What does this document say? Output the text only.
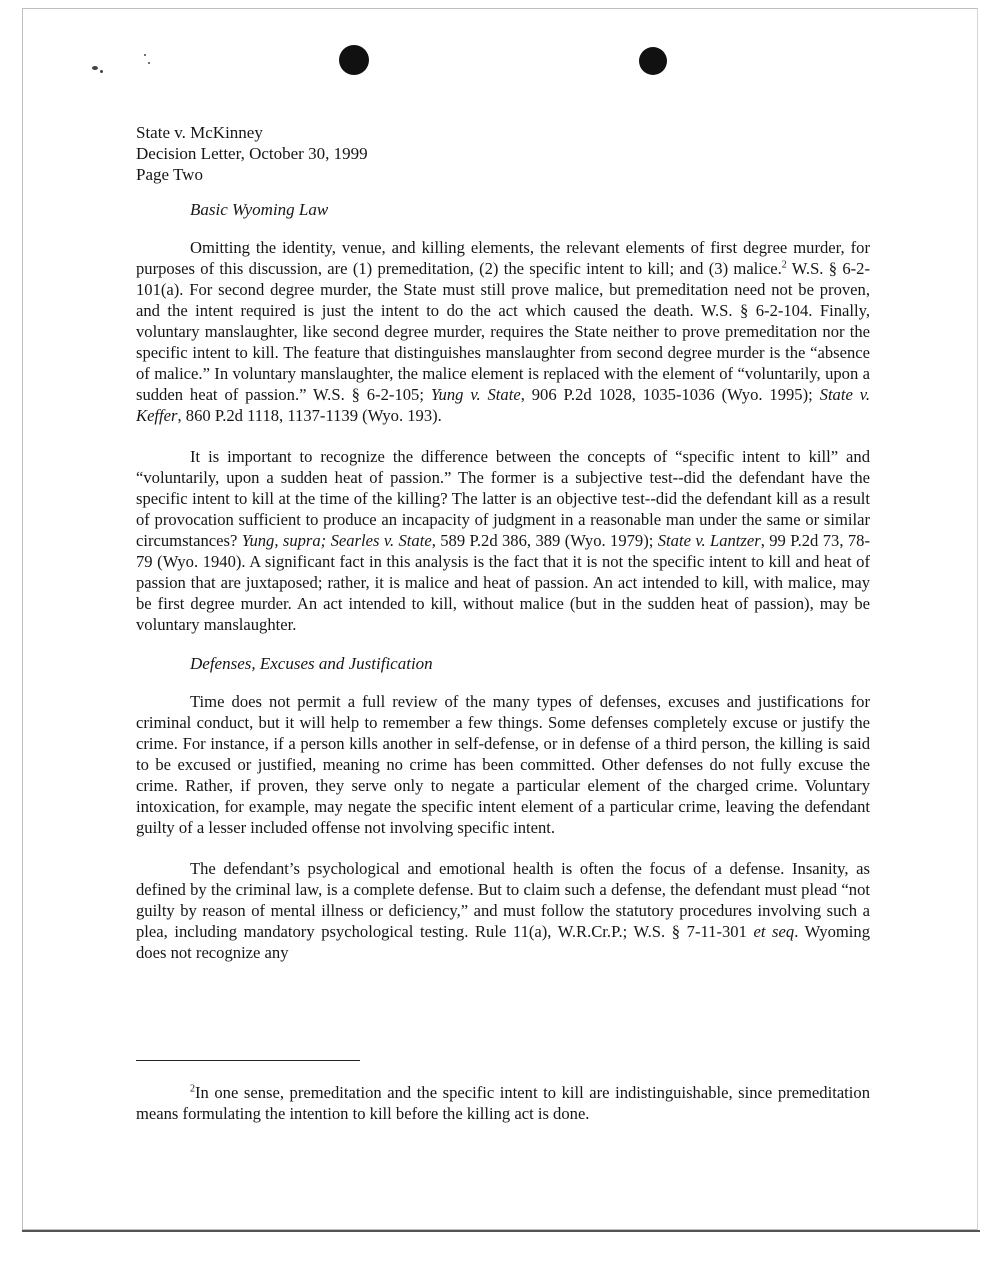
State v. McKinney
Decision Letter, October 30, 1999
Page Two

Basic Wyoming Law

Omitting the identity, venue, and killing elements, the relevant elements of first degree murder, for purposes of this discussion, are (1) premeditation, (2) the specific intent to kill; and (3) malice.$^2$ W.S. § 6-2-101(a). For second degree murder, the State must still prove malice, but premeditation need not be proven, and the intent required is just the intent to do the act which caused the death. W.S. § 6-2-104. Finally, voluntary manslaughter, like second degree murder, requires the State neither to prove premeditation nor the specific intent to kill. The feature that distinguishes manslaughter from second degree murder is the “absence of malice.” In voluntary manslaughter, the malice element is replaced with the element of “voluntarily, upon a sudden heat of passion.” W.S. § 6-2-105; Yung v. State, 906 P.2d 1028, 1035-1036 (Wyo. 1995); State v. Keffer, 860 P.2d 1118, 1137-1139 (Wyo. 193).

It is important to recognize the difference between the concepts of “specific intent to kill” and “voluntarily, upon a sudden heat of passion.” The former is a subjective test--did the defendant have the specific intent to kill at the time of the killing? The latter is an objective test--did the defendant kill as a result of provocation sufficient to produce an incapacity of judgment in a reasonable man under the same or similar circumstances? Yung, supra; Searles v. State, 589 P.2d 386, 389 (Wyo. 1979); State v. Lantzer, 99 P.2d 73, 78-79 (Wyo. 1940). A significant fact in this analysis is the fact that it is not the specific intent to kill and heat of passion that are juxtaposed; rather, it is malice and heat of passion. An act intended to kill, with malice, may be first degree murder. An act intended to kill, without malice (but in the sudden heat of passion), may be voluntary manslaughter.

Defenses, Excuses and Justification

Time does not permit a full review of the many types of defenses, excuses and justifications for criminal conduct, but it will help to remember a few things. Some defenses completely excuse or justify the crime. For instance, if a person kills another in self-defense, or in defense of a third person, the killing is said to be excused or justified, meaning no crime has been committed. Other defenses do not fully excuse the crime. Rather, if proven, they serve only to negate a particular element of the charged crime. Voluntary intoxication, for example, may negate the specific intent element of a particular crime, leaving the defendant guilty of a lesser included offense not involving specific intent.

The defendant’s psychological and emotional health is often the focus of a defense. Insanity, as defined by the criminal law, is a complete defense. But to claim such a defense, the defendant must plead “not guilty by reason of mental illness or deficiency,” and must follow the statutory procedures involving such a plea, including mandatory psychological testing. Rule 11(a), W.R.Cr.P.; W.S. § 7-11-301 et seq. Wyoming does not recognize any

$^2$In one sense, premeditation and the specific intent to kill are indistinguishable, since premeditation means formulating the intention to kill before the killing act is done.
